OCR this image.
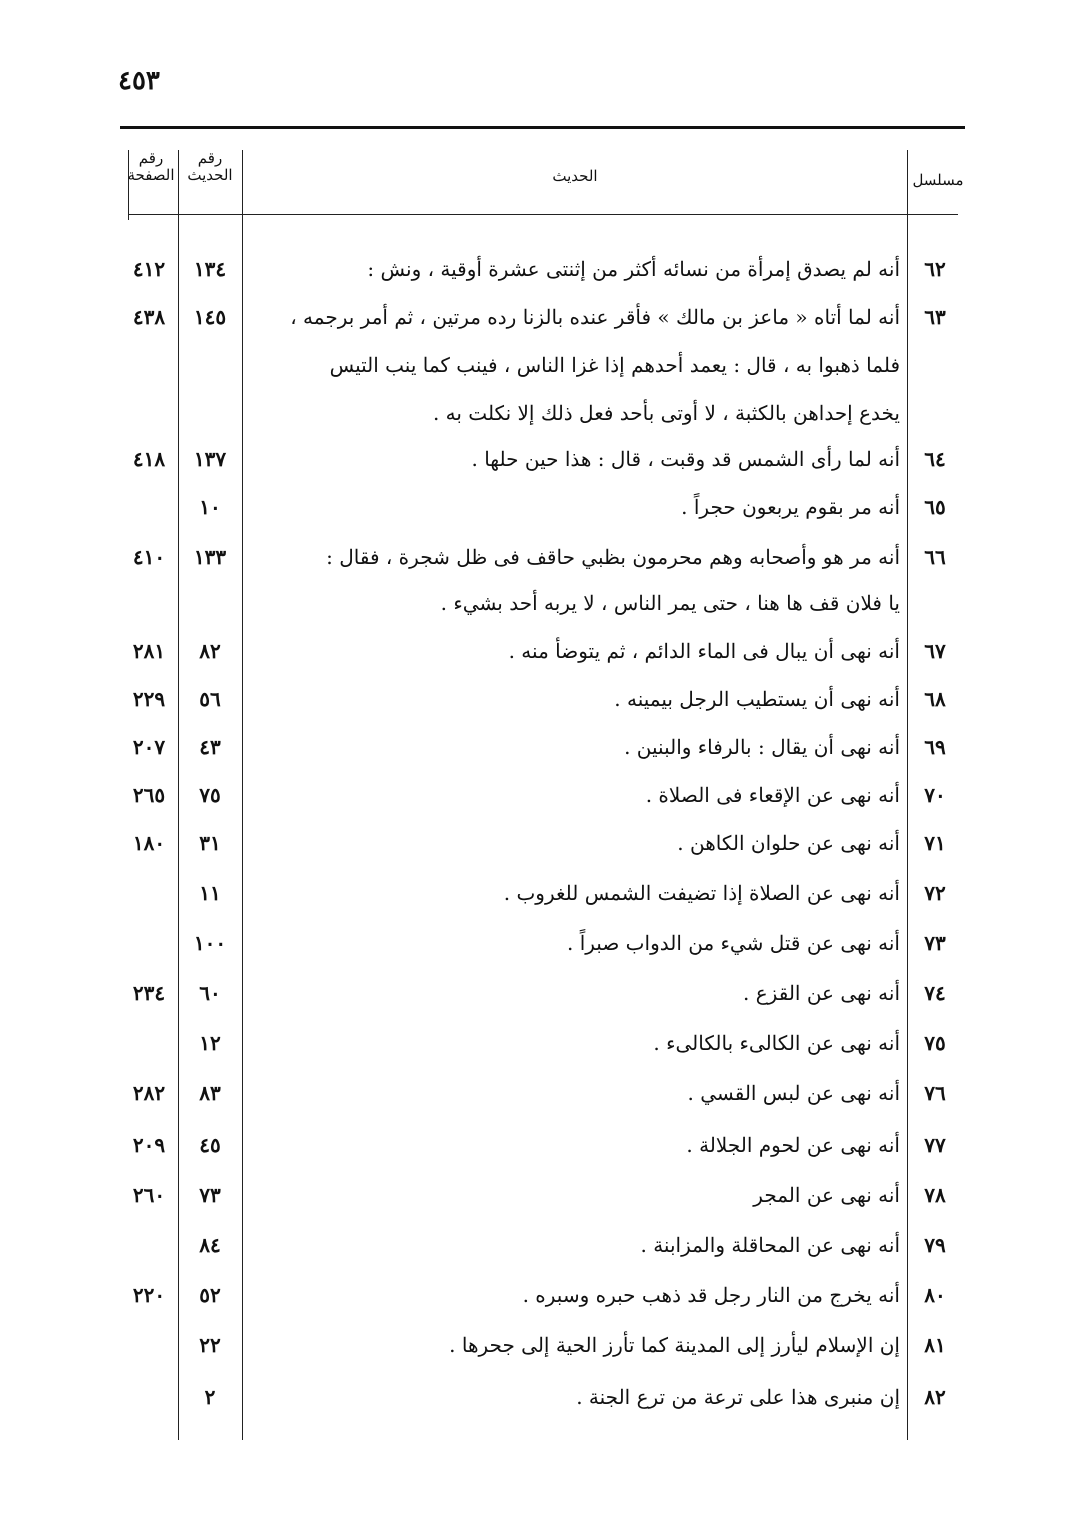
٤٥٣
مسلسل
الحديث
رقم الحديث
رقم الصفحة
٦٢
أنه لم يصدق إمرأة من نسائه أكثر من إثنتى عشرة أوقية ، ونش :
١٣٤
٤١٢
٦٣
أنه لما أتاه « ماعز بن مالك » فأقر عنده بالزنا رده مرتين ، ثم أمر برجمه ،
١٤٥
٤٣٨
فلما ذهبوا به ، قال : يعمد أحدهم إذا غزا الناس ، فينب كما ينب التيس
يخدع إحداهن بالكثبة ، لا أوتى بأحد فعل ذلك إلا نكلت به .
٦٤
أنه لما رأى الشمس قد وقبت ، قال : هذا حين حلها .
١٣٧
٤١٨
٦٥
أنه مر بقوم يربعون حجراً .
١٠
٦٦
أنه مر هو وأصحابه وهم محرمون بظبي حاقف فى ظل شجرة ، فقال :
١٣٣
٤١٠
يا فلان قف ها هنا ، حتى يمر الناس ، لا يربه أحد بشيء .
٦٧
أنه نهى أن يبال فى الماء الدائم ، ثم يتوضأ منه .
٨٢
٢٨١
٦٨
أنه نهى أن يستطيب الرجل بيمينه .
٥٦
٢٢٩
٦٩
أنه نهى أن يقال : بالرفاء والبنين .
٤٣
٢٠٧
٧٠
أنه نهى عن الإقعاء فى الصلاة .
٧٥
٢٦٥
٧١
أنه نهى عن حلوان الكاهن .
٣١
١٨٠
٧٢
أنه نهى عن الصلاة إذا تضيفت الشمس للغروب .
١١
٧٣
أنه نهى عن قتل شيء من الدواب صبراً .
١٠٠
٧٤
أنه نهى عن القزع .
٦٠
٢٣٤
٧٥
أنه نهى عن الكالىء بالكالىء .
١٢
٧٦
أنه نهى عن لبس القسي .
٨٣
٢٨٢
٧٧
أنه نهى عن لحوم الجلالة .
٤٥
٢٠٩
٧٨
أنه نهى عن المجر
٧٣
٢٦٠
٧٩
أنه نهى عن المحاقلة والمزابنة .
٨٤
٨٠
أنه يخرج من النار رجل قد ذهب حبره وسبره .
٥٢
٢٢٠
٨١
إن الإسلام ليأرز إلى المدينة كما تأرز الحية إلى جحرها .
٢٢
٨٢
إن منبرى هذا على ترعة من ترع الجنة .
٢
